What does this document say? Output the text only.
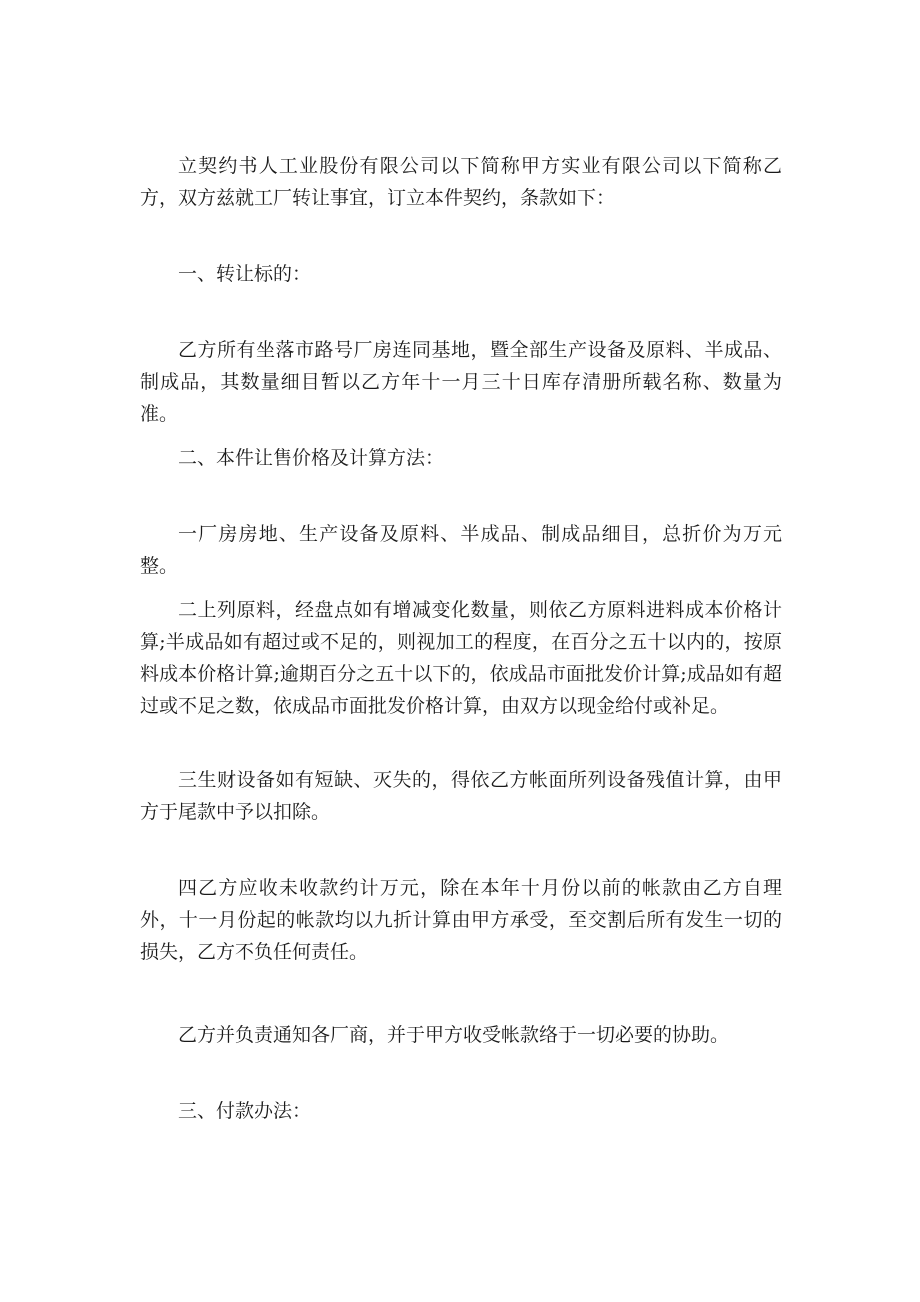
立契约书人工业股份有限公司以下简称甲方实业有限公司以下简称乙方，双方兹就工厂转让事宜，订立本件契约，条款如下：

一、转让标的：

乙方所有坐落市路号厂房连同基地，暨全部生产设备及原料、半成品、制成品，其数量细目暂以乙方年十一月三十日库存清册所载名称、数量为准。

二、本件让售价格及计算方法：

一厂房房地、生产设备及原料、半成品、制成品细目，总折价为万元整。

二上列原料，经盘点如有增减变化数量，则依乙方原料进料成本价格计算;半成品如有超过或不足的，则视加工的程度，在百分之五十以内的，按原料成本价格计算;逾期百分之五十以下的，依成品市面批发价计算;成品如有超过或不足之数，依成品市面批发价格计算，由双方以现金给付或补足。

三生财设备如有短缺、灭失的，得依乙方帐面所列设备残值计算，由甲方于尾款中予以扣除。

四乙方应收未收款约计万元，除在本年十月份以前的帐款由乙方自理外，十一月份起的帐款均以九折计算由甲方承受，至交割后所有发生一切的损失，乙方不负任何责任。

乙方并负责通知各厂商，并于甲方收受帐款络于一切必要的协助。

三、付款办法：
